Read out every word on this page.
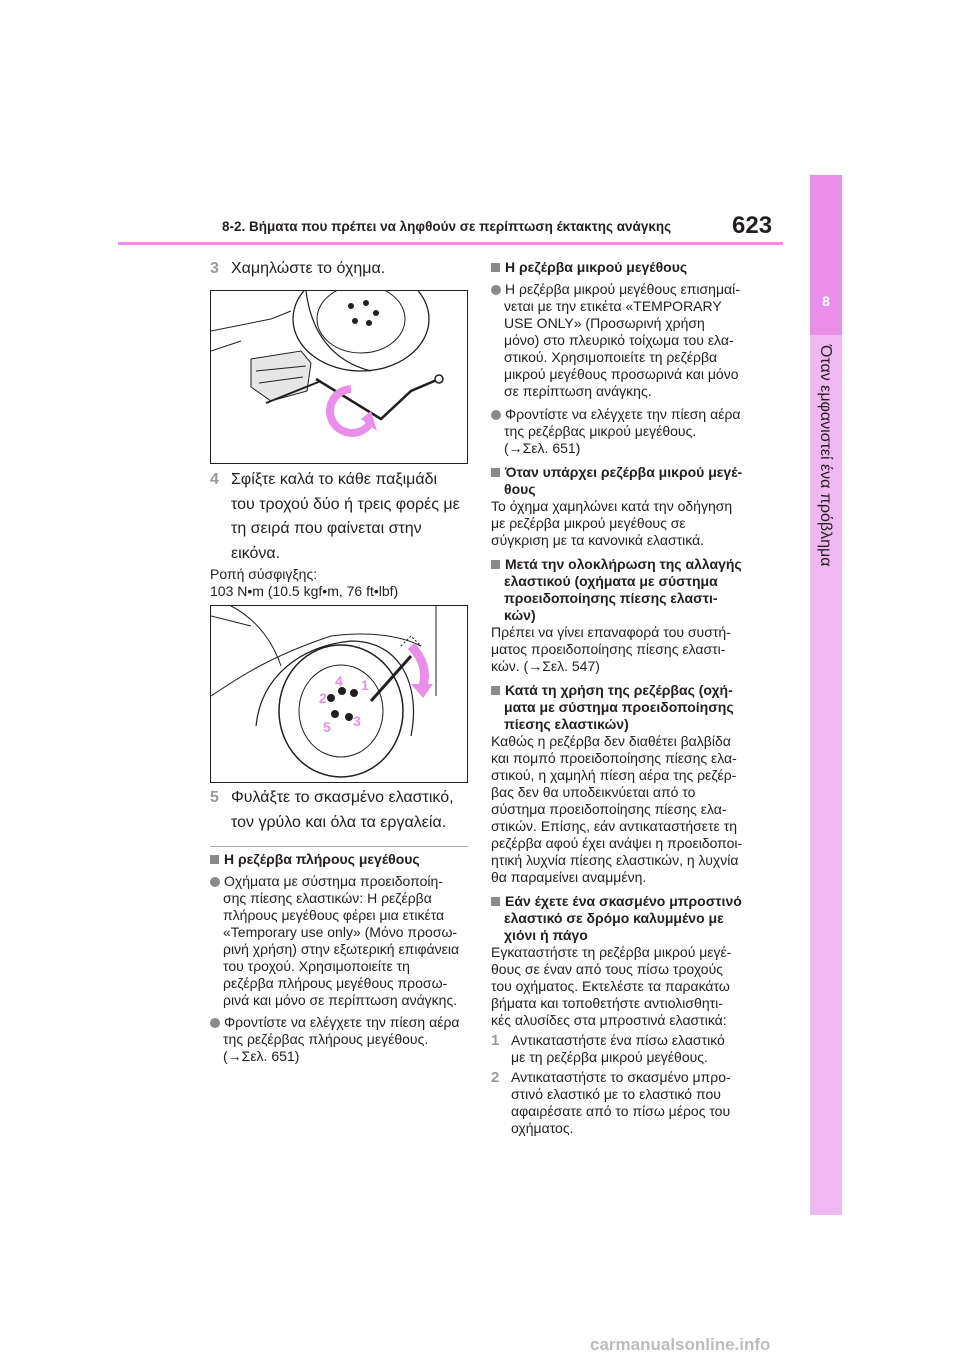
8
Όταν εμφανιστεί ένα πρόβλημα
8-2. Βήματα που πρέπει να ληφθούν σε περίπτωση έκτακτης ανάγκης	623
3 Χαμηλώστε το όχημα.
4 Σφίξτε καλά το κάθε παξιμάδι
του τροχού δύο ή τρεις φορές με
τη σειρά που φαίνεται στην
εικόνα.
Ροπή σύσφιγξης:
103 N•m (10.5 kgf•m, 76 ft•lbf)
1
2
3
4
5
5 Φυλάξτε το σκασμένο ελαστικό,
τον γρύλο και όλα τα εργαλεία.
Η ρεζέρβα πλήρους μεγέθους
Οχήματα με σύστημα προειδοποίη-
σης πίεσης ελαστικών: Η ρεζέρβα
πλήρους μεγέθους φέρει μια ετικέτα
«Temporary use only» (Μόνο προσω-
ρινή χρήση) στην εξωτερική επιφάνεια
του τροχού. Χρησιμοποιείτε τη
ρεζέρβα πλήρους μεγέθους προσω-
ρινά και μόνο σε περίπτωση ανάγκης.
Φροντίστε να ελέγχετε την πίεση αέρα
της ρεζέρβας πλήρους μεγέθους.
(→Σελ. 651)
Η ρεζέρβα μικρού μεγέθους
Η ρεζέρβα μικρού μεγέθους επισημαί-
νεται με την ετικέτα «TEMPORARY
USE ONLY» (Προσωρινή χρήση
μόνο) στο πλευρικό τοίχωμα του ελα-
στικού. Χρησιμοποιείτε τη ρεζέρβα
μικρού μεγέθους προσωρινά και μόνο
σε περίπτωση ανάγκης.
Φροντίστε να ελέγχετε την πίεση αέρα
της ρεζέρβας μικρού μεγέθους.
(→Σελ. 651)
Όταν υπάρχει ρεζέρβα μικρού μεγέ-
θους
Το όχημα χαμηλώνει κατά την οδήγηση
με ρεζέρβα μικρού μεγέθους σε
σύγκριση με τα κανονικά ελαστικά.
Μετά την ολοκλήρωση της αλλαγής
ελαστικού (οχήματα με σύστημα
προειδοποίησης πίεσης ελαστι-
κών)
Πρέπει να γίνει επαναφορά του συστή-
ματος προειδοποίησης πίεσης ελαστι-
κών. (→Σελ. 547)
Κατά τη χρήση της ρεζέρβας (οχή-
ματα με σύστημα προειδοποίησης
πίεσης ελαστικών)
Καθώς η ρεζέρβα δεν διαθέτει βαλβίδα
και πομπό προειδοποίησης πίεσης ελα-
στικού, η χαμηλή πίεση αέρα της ρεζέρ-
βας δεν θα υποδεικνύεται από το
σύστημα προειδοποίησης πίεσης ελα-
στικών. Επίσης, εάν αντικαταστήσετε τη
ρεζέρβα αφού έχει ανάψει η προειδοποι-
ητική λυχνία πίεσης ελαστικών, η λυχνία
θα παραμείνει αναμμένη.
Εάν έχετε ένα σκασμένο μπροστινό
ελαστικό σε δρόμο καλυμμένο με
χιόνι ή πάγο
Εγκαταστήστε τη ρεζέρβα μικρού μεγέ-
θους σε έναν από τους πίσω τροχούς
του οχήματος. Εκτελέστε τα παρακάτω
βήματα και τοποθετήστε αντιολισθητι-
κές αλυσίδες στα μπροστινά ελαστικά:
1 Αντικαταστήστε ένα πίσω ελαστικό
με τη ρεζέρβα μικρού μεγέθους.
2 Αντικαταστήστε το σκασμένο μπρο-
στινό ελαστικό με το ελαστικό που
αφαιρέσατε από το πίσω μέρος του
οχήματος.
carmanualsonline.info
